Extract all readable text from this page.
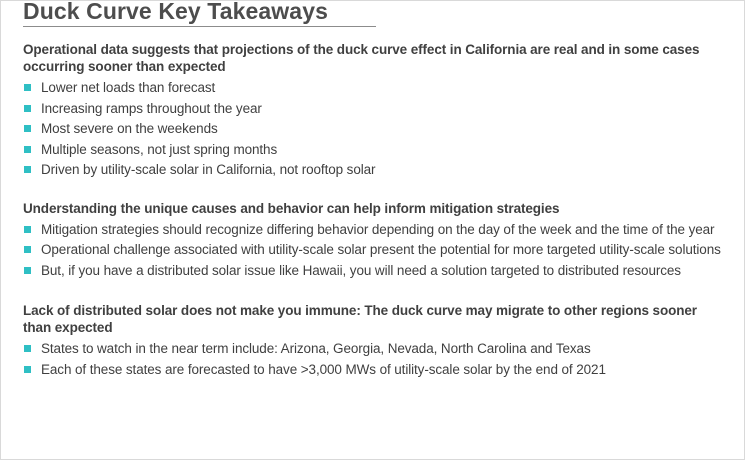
Duck Curve Key Takeaways

Operational data suggests that projections of the duck curve effect in California are real and in some cases occurring sooner than expected

Lower net loads than forecast
Increasing ramps throughout the year
Most severe on the weekends
Multiple seasons, not just spring months
Driven by utility-scale solar in California, not rooftop solar

Understanding the unique causes and behavior can help inform mitigation strategies

Mitigation strategies should recognize differing behavior depending on the day of the week and the time of the year
Operational challenge associated with utility-scale solar present the potential for more targeted utility-scale solutions
But, if you have a distributed solar issue like Hawaii, you will need a solution targeted to distributed resources

Lack of distributed solar does not make you immune: The duck curve may migrate to other regions sooner than expected

States to watch in the near term include: Arizona, Georgia, Nevada, North Carolina and Texas
Each of these states are forecasted to have >3,000 MWs of utility-scale solar by the end of 2021
